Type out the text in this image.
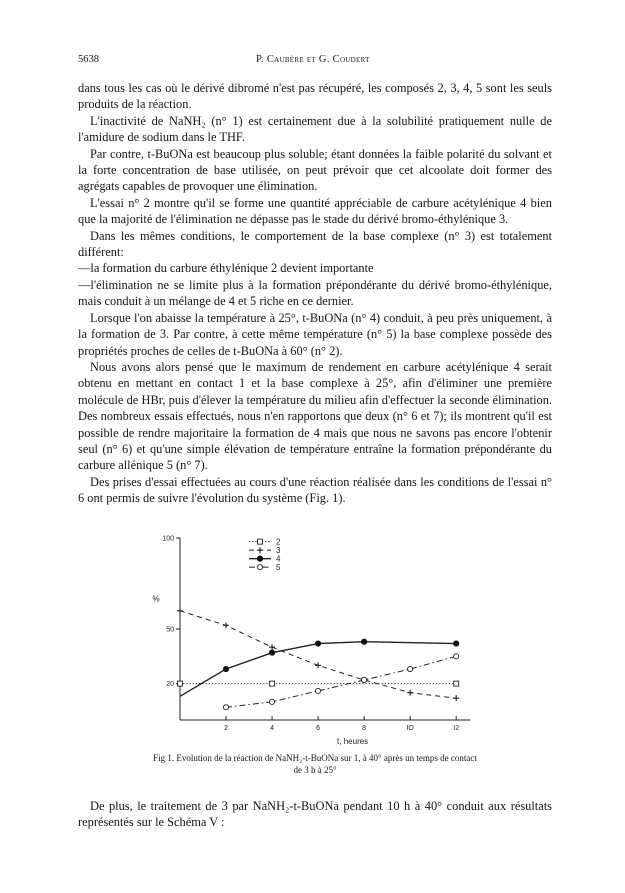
5638	P. Caubère et G. Coudert

dans tous les cas où le dérivé dibromé n'est pas récupéré, les composés 2, 3, 4, 5 sont les seuls produits de la réaction.

L'inactivité de NaNH₂ (n° 1) est certainement due à la solubilité pratiquement nulle de l'amidure de sodium dans le THF.

Par contre, t-BuONa est beaucoup plus soluble; étant données la faible polarité du solvant et la forte concentration de base utilisée, on peut prévoir que cet alcoolate doit former des agrégats capables de provoquer une élimination.

L'essai n° 2 montre qu'il se forme une quantité appréciable de carbure acétylénique 4 bien que la majorité de l'élimination ne dépasse pas le stade du dérivé bromo-éthylénique 3.

Dans les mêmes conditions, le comportement de la base complexe (n° 3) est totalement différent:

—la formation du carbure éthylénique 2 devient importante

—l'élimination ne se limite plus à la formation prépondérante du dérivé bromo-éthylénique, mais conduit à un mélange de 4 et 5 riche en ce dernier.

Lorsque l'on abaisse la température à 25°, t-BuONa (n° 4) conduit, à peu près uniquement, à la formation de 3. Par contre, à cette même température (n° 5) la base complexe possède des propriétés proches de celles de t-BuONa à 60° (n° 2).

Nous avons alors pensé que le maximum de rendement en carbure acétylénique 4 serait obtenu en mettant en contact 1 et la base complexe à 25°, afin d'éliminer une première molécule de HBr, puis d'élever la température du milieu afin d'effectuer la seconde élimination. Des nombreux essais effectués, nous n'en rapportons que deux (n° 6 et 7); ils montrent qu'il est possible de rendre majoritaire la formation de 4 mais que nous ne savons pas encore l'obtenir seul (n° 6) et qu'une simple élévation de température entraîne la formation prépondérante du carbure allénique 5 (n° 7).

Des prises d'essai effectuées au cours d'une réaction réalisée dans les conditions de l'essai n° 6 ont permis de suivre l'évolution du système (Fig. 1).

20
50
100
2	4	6	8	IO	I2
%
t, heures
2
3
4
5
Fig 1. Evolution de la réaction de NaNH₂-t-BuONa sur 1, à 40° après un temps de contact
de 3 h à 25°

De plus, le traitement de 3 par NaNH₂-t-BuONa pendant 10 h à 40° conduit aux résultats représentés sur le Schéma V :
